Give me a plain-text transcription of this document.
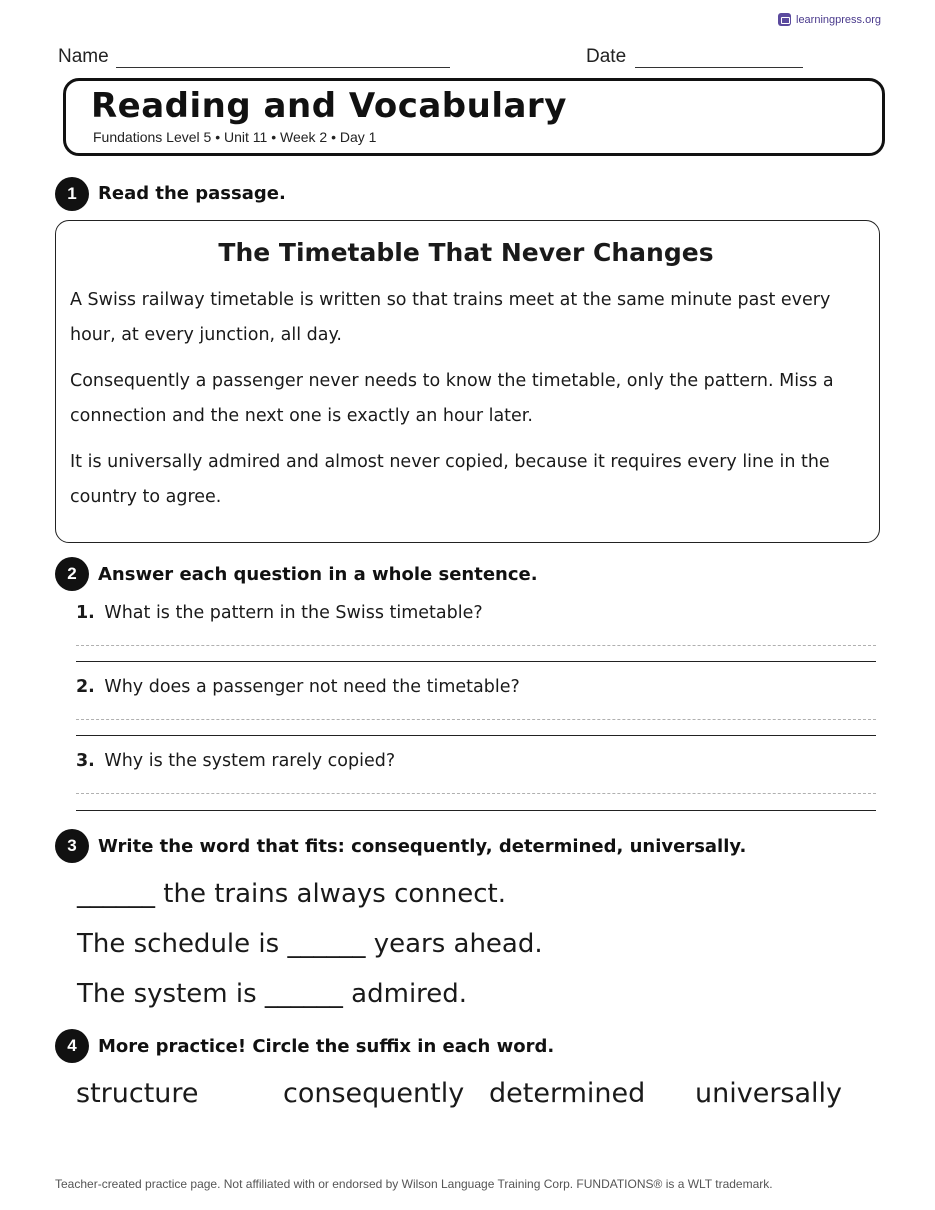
learningpress.org
Name	Date
Reading and Vocabulary
Fundations Level 5 • Unit 11 • Week 2 • Day 1
1	Read the passage.
The Timetable That Never Changes
A Swiss railway timetable is written so that trains meet at the same minute past every hour, at every junction, all day.
Consequently a passenger never needs to know the timetable, only the pattern. Miss a connection and the next one is exactly an hour later.
It is universally admired and almost never copied, because it requires every line in the country to agree.
2	Answer each question in a whole sentence.
1. What is the pattern in the Swiss timetable?
2. Why does a passenger not need the timetable?
3. Why is the system rarely copied?
3	Write the word that fits: consequently, determined, universally.
______ the trains always connect.
The schedule is ______ years ahead.
The system is ______ admired.
4	More practice! Circle the suffix in each word.
structure	consequently determined universally
Teacher-created practice page. Not affiliated with or endorsed by Wilson Language Training Corp. FUNDATIONS® is a WLT trademark.
